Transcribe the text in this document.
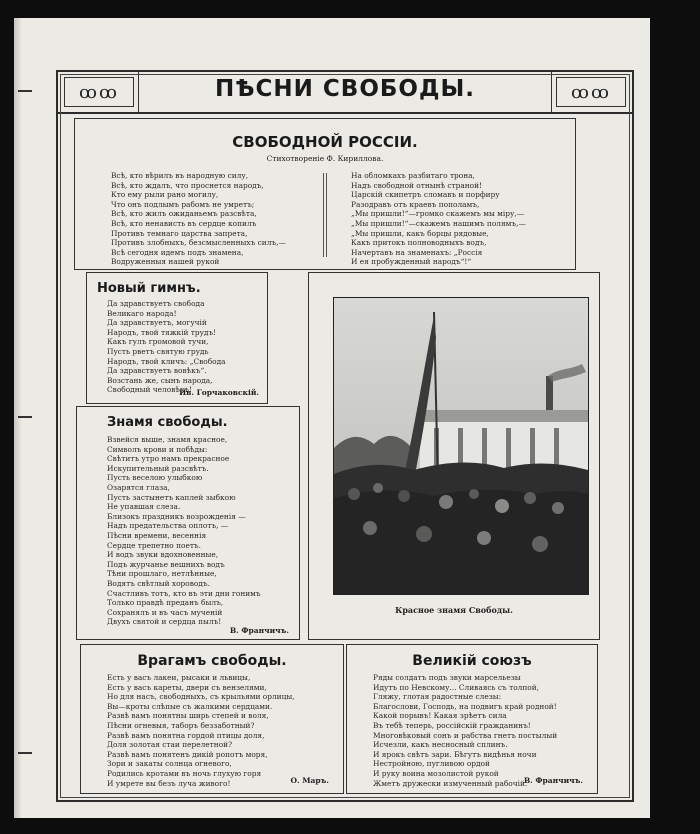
ꝏꝏ	ПѢСНИ СВОБОДЫ.	ꝏꝏ
СВОБОДНОЙ РОССIИ.
Стихотворенiе Ф. Кириллова.
Всѣ, кто вѣрилъ въ народную силу,
Всѣ, кто ждалъ, что проснется народъ,
Кто ему рыли рано могилу,
Что онъ подлымъ рабомъ не умретъ;
Всѣ, кто жилъ ожиданьемъ разсвѣта,
Всѣ, кто ненависть въ сердце копилъ
Противъ темнаго царства запрета,
Противъ злобныхъ, безсмысленныхъ силъ,—
Всѣ сегодня идемъ подъ знамена,
Водруженныя нашей рукой
На обломкахъ разбитаго трона,
Надъ свободной отнынѣ страной!
Царскiй скипетръ сломавъ и порфиру
Разодравъ отъ краевъ пополамъ,
„Мы пришли!“—громко скажемъ мы мiру,—
„Мы пришли!“—скажемъ нашимъ полямъ,—
„Мы пришли, какъ борцы рядовые,
Какъ притокъ полноводныхъ водъ,
Начертавъ на знаменахъ: „Россiя
И ея пробужденный народъ“!“
Новый гимнъ.
Да здравствуетъ свобода
Великаго народа!
Да здравствуетъ, могучiй
Народъ, твой тяжкiй трудъ!
Какъ гулъ громовой тучи,
Пусть рветъ святую грудь
Народъ, твой кличъ: „Свобода
Да здравствуетъ вовѣкъ“.
Возстань же, сынъ народа,
Свободный человѣкъ!
Ив. Горчаковскiй.
Знамя свободы.
Взвейся выше, знамя красное,
Символъ крови и побѣды:
Свѣтитъ утро намъ прекрасное
Искупительный разсвѣтъ.
Пусть веселою улыбкою
Озарятся глаза,
Пусть застынетъ каплей зыбкою
Не упавшая слеза.
Близокъ праздникъ возрожденiя —
Надъ предательства оплотъ, —
Пѣсни времени, весеннiя
Сердце трепетно поетъ.
И водъ звуки вдохновенные,
Подъ журчанье вешнихъ водъ
Тѣни прошлаго, нетлѣнные,
Водятъ свѣтлый хороводъ.
Счастливъ тотъ, кто въ эти дни гонимъ
Только правдѣ преданъ былъ,
Сохранялъ и въ часъ мученiй
Двухъ святой и сердца пылъ!
В. Франчичъ.
Красное знамя Свободы.
Врагамъ свободы.
Есть у васъ лакеи, рысаки и львицы,
Есть у васъ кареты, двери съ вензелями,
Но для насъ, свободныхъ, съ крыльями орлицы,
Вы—кроты слѣпые съ жалкими сердцами.
Развѣ вамъ понятны ширь степей и воля,
Пѣсни огневыя, таборъ беззаботный?
Развѣ вамъ понятна гордой птицы доля,
Доля золотая стаи перелетной?
Развѣ вамъ понятенъ дикiй ропотъ моря,
Зори и закаты солнца огневого,
Родились кротами въ ночь глухую горя
И умрете вы безъ луча живого!	О. Маръ.
Великiй союзъ
Ряды солдатъ подъ звуки марсельезы
Идутъ по Невскому... Сливаясь съ толпой,
Гляжу, глотая радостные слезы:
Благослови, Господь, на подвигъ край родной!
Какой порывъ! Какая зрѣетъ сила
Въ тебѣ теперь, россiйскiй гражданинъ!
Многовѣковый сонъ и рабства гнетъ постылый
Исчезли, какъ несносный сплинъ.
И ярокъ свѣтъ зари. Бѣгутъ видѣнья ночи
Нестройною, пугливою ордой
И руку воина мозолистой рукой
Жметъ дружески измученный рабочiй.
В. Франчичъ.
